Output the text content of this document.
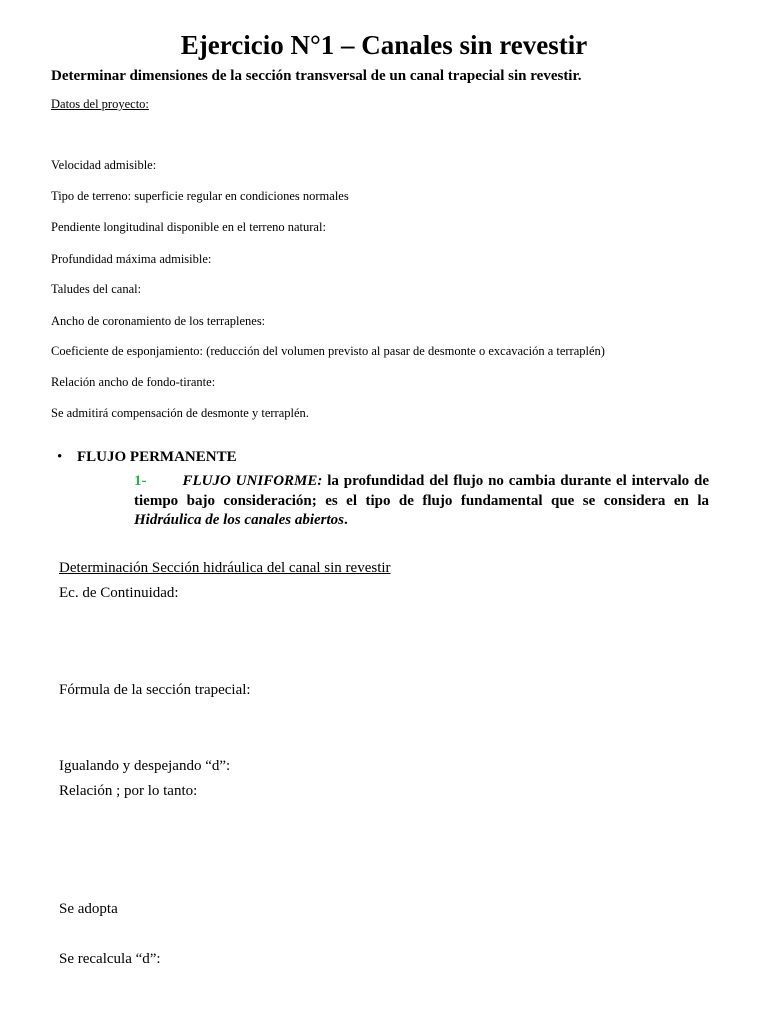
Ejercicio N°1 – Canales sin revestir
Determinar dimensiones de la sección transversal de un canal trapecial sin revestir.
Datos del proyecto:
Velocidad admisible:
Tipo de terreno: superficie regular en condiciones normales
Pendiente longitudinal disponible en el terreno natural:
Profundidad máxima admisible:
Taludes del canal:
Ancho de coronamiento de los terraplenes:
Coeficiente de esponjamiento: (reducción del volumen previsto al pasar de desmonte o excavación a terraplén)
Relación ancho de fondo-tirante:
Se admitirá compensación de desmonte y terraplén.
• FLUJO PERMANENTE
1- FLUJO UNIFORME: la profundidad del flujo no cambia durante el intervalo de tiempo bajo consideración; es el tipo de flujo fundamental que se considera en la Hidráulica de los canales abiertos.
Determinación Sección hidráulica del canal sin revestir
Ec. de Continuidad:
Fórmula de la sección trapecial:
Igualando y despejando “d”:
Relación ; por lo tanto:
Se adopta
Se recalcula “d”:
